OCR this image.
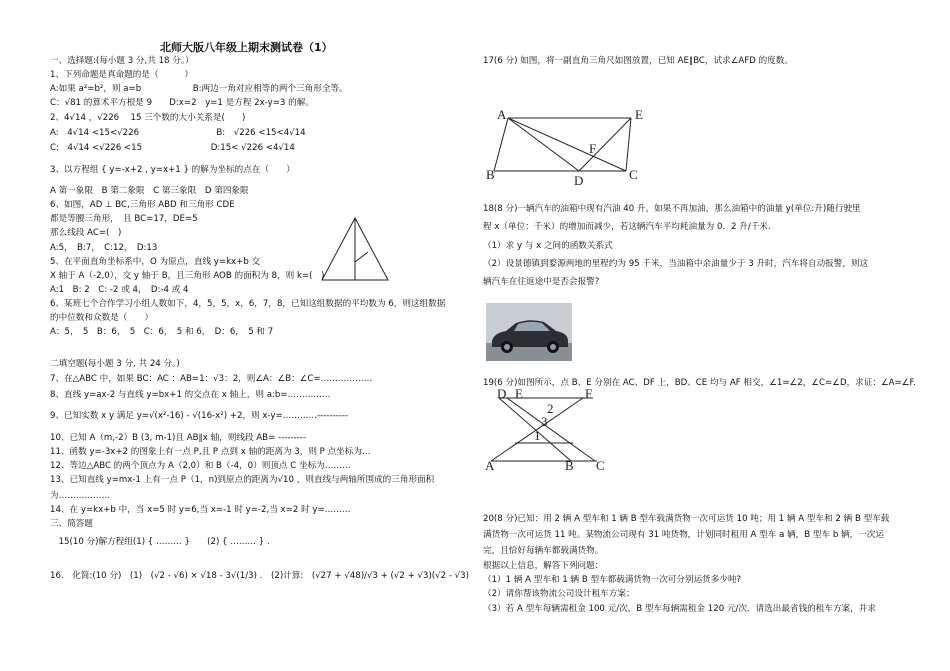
北师大版八年级上期末测试卷（1）
一、选择题:(每小题 3 分,共 18 分。）
1、下列命题是真命题的是（　　　）
A:如果 a²=b²，则 a=b　　　　　　B:两边一角对应相等的两个三角形全等。
C：√81 的算术平方根是 9　　D:x=2　y=1 是方程 2x-y=3 的解。
2、4√14 ，√226 　15 三个数的大小关系是(　　)
A:　4√14 <15<√226　　　　　　　　　B:　√226 <15<4√14
C:　4√14 <√226 <15　　　　　　　　D:15< √226 <4√14
3、以方程组 { y=-x+2 , y=x+1 } 的解为坐标的点在（　　）
A 第一象限　B 第二象限　C 第三象限　D 第四象限
6、如图，AD ⊥ BC,三角形 ABD 和三角形 CDE
都是等腰三角形，　且 BC=17，DE=5
那么线段 AC=(　)
A:5，　B:7，　C:12，　D:13
5、在平面直角坐标系中，O 为原点，直线 y=kx+b 交
X 轴于 A（-2,0），交 y 轴于 B，且三角形 AOB 的面积为 8，则 k=(　)
A:1　B: 2　C: -2 或 4，　D:-4 或 4
6、某班七个合作学习小组人数如下，4，5，5，x，6，7，8，已知这组数据的平均数为 6，则这组数据
的中位数和众数是（　　）
A：5，　5　B：6，　5　C：6，　5 和 6，　D：6，　5 和 7
二填空题(每小题 3 分, 共 24 分。)
7、在△ABC 中，如果 BC：AC ：AB=1：√3：2，则∠A：∠B：∠C=………………
8、直线 y=ax-2 与直线 y=bx+1 的交点在 x 轴上，则 a:b=……………
9、已知实数 x y 满足 y=√(x²-16) - √(16-x²) +2，则 x-y=…………----------
10、已知 A（m,-2）B (3, m-1)且 AB∥x 轴，则线段 AB= ---------
11、函数 y=-3x+2 的图象上有一点 P,且 P 点到 x 轴的距离为 3，则 P 点坐标为…
12、等边△ABC 的两个顶点为 A（2,0）和 B（-4，0）则顶点 C 坐标为………
13、已知直线 y=mx-1 上有一点 P（1，n)到原点的距离为√10 ，则直线与两轴所围成的三角形面积
为………………
14、在 y=kx+b 中，当 x=5 时 y=6,当 x=-1 时 y=-2,当 x=2 时 y=………
三、简答题
　15(10 分)解方程组(1) { ……… }　　(2) { ……… } .
16.　化简:(10 分)　(1)　(√2 - √6) × √18 - 3√(1/3) .　(2)计算:　(√27 + √48)/√3 + (√2 + √3)(√2 - √3)
17(6 分) 如图，将一副直角三角尺如图放置，已知 AE∥BC，试求∠AFD 的度数。
A	E
F
B	D	C
18(8 分)一辆汽车的油箱中现有汽油 40 升，如果不再加油，那么油箱中的油量 y(单位:升)随行驶里
程 x（单位：千米）的增加而减少，若这辆汽车平均耗油量为 0．2 升/千米.
（1）求 y 与 x 之间的函数关系式
（2）设景德镇到婺源两地的里程约为 95 千米，当油箱中余油量少于 3 升时，汽车将自动报警，则这
辆汽车在往返途中是否会报警?
19(6 分)如图所示，点 B、E 分别在 AC、DF 上，BD、CE 均与 AF 相交，∠1=∠2，∠C=∠D，求证：∠A=∠F.
D E	F
2
3
1
A	B C
20(8 分)已知：用 2 辆 A 型车和 1 辆 B 型车载满货物一次可运货 10 吨；用 1 辆 A 型车和 2 辆 B 型车载
满货物一次可运货 11 吨。某物流公司现有 31 吨货物，计划同时租用 A 型车 a 辆，B 型车 b 辆，一次运
完，且恰好每辆车都载满货物。
根据以上信息，解答下列问题：
（1）1 辆 A 型车和 1 辆 B 型车都载满货物一次可分别运货多少吨?
（2）请你帮该物流公司设计租车方案；
（3）若 A 型车每辆需租金 100 元/次，B 型车每辆需租金 120 元/次．请选出最省钱的租车方案，并求
